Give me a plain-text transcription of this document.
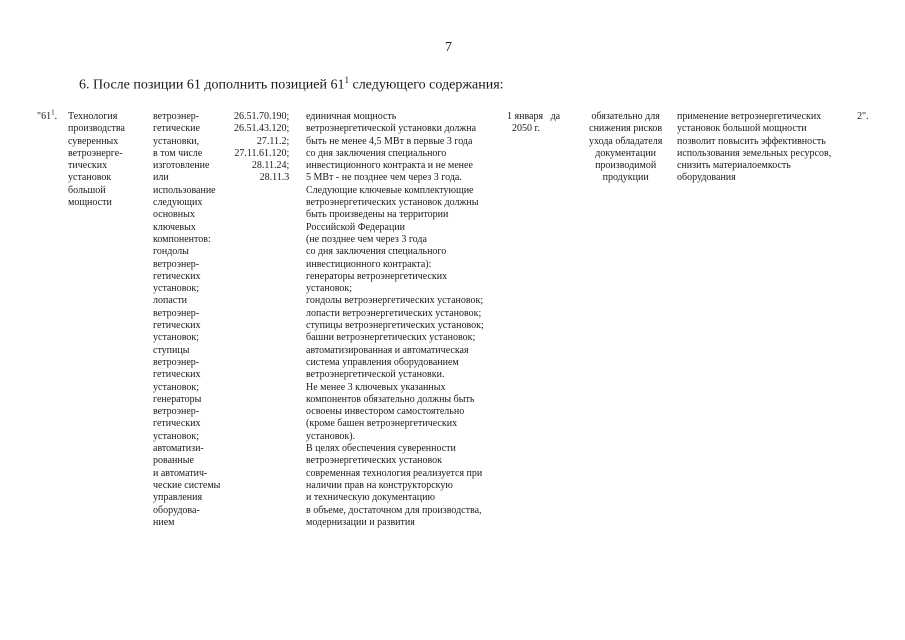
7
6. После позиции 61 дополнить позицией $61^1$ следующего содержания:
"$61^1$. Технология
производства
суверенных
ветроэнерге-
тических
установок
большой
мощности
ветроэнер-
гетические
установки,
в том числе
изготовление
или
использование
следующих
основных
ключевых
компонентов:
гондолы
ветроэнер-
гетических
установок;
лопасти
ветроэнер-
гетических
установок;
ступицы
ветроэнер-
гетических
установок;
генераторы
ветроэнер-
гетических
установок;
автоматизи-
рованные
и автоматич-
ческие системы
управления
оборудова-
нием
26.51.70.190;
26.51.43.120;
27.11.2;
27.11.61.120;
28.11.24;
28.11.3
единичная мощность
ветроэнергетической установки должна
быть не менее 4,5 МВт в первые 3 года
со дня заключения специального
инвестиционного контракта и не менее
5 МВт - не позднее чем через 3 года.
Следующие ключевые комплектующие
ветроэнергетических установок должны
быть произведены на территории
Российской Федерации
(не позднее чем через 3 года
со дня заключения специального
инвестиционного контракта):
генераторы ветроэнергетических
установок;
гондолы ветроэнергетических установок;
лопасти ветроэнергетических установок;
ступицы ветроэнергетических установок;
башни ветроэнергетических установок;
автоматизированная и автоматическая
система управления оборудованием
ветроэнергетической установки.
Не менее 3 ключевых указанных
компонентов обязательно должны быть
освоены инвестором самостоятельно
(кроме башен ветроэнергетических
установок).
В целях обеспечения суверенности
ветроэнергетических установок
современная технология реализуется при
наличии прав на конструкторскую
и техническую документацию
в объеме, достаточном для производства,
модернизации и развития
1 января   да
2050 г.
обязательно для
снижения рисков
ухода обладателя
документации
производимой
продукции
применение ветроэнергетических
установок большой мощности
позволит повысить эффективность
использования земельных ресурсов,
снизить материалоемкость
оборудования
2".
